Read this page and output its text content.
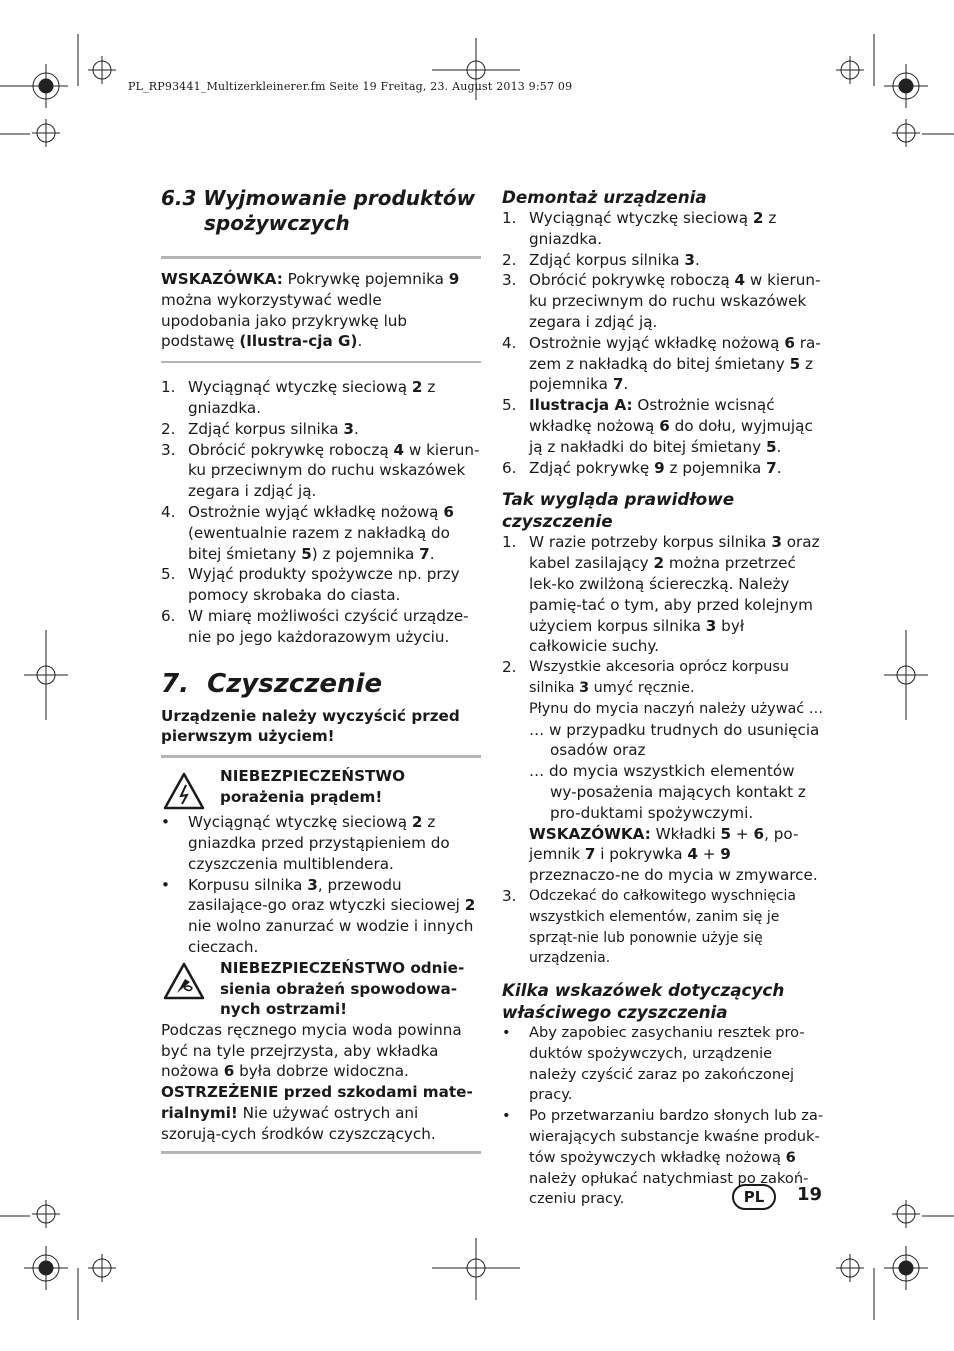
PL_RP93441_Multizerkleinerer.fm Seite 19 Freitag, 23. August 2013 9:57 09
6.3 Wyjmowanie produktów
spożywczych

WSKAZÓWKA: Pokrywkę pojemnika 9 można wykorzystywać wedle upodobania jako przykrywkę lub podstawę (Ilustra-cja G).

1. Wyciągnąć wtyczkę sieciową 2 z gniazdka.
2. Zdjąć korpus silnika 3.
3. Obrócić pokrywkę roboczą 4 w kierun-ku przeciwnym do ruchu wskazówek zegara i zdjąć ją.
4. Ostrożnie wyjąć wkładkę nożową 6 (ewentualnie razem z nakładką do bitej śmietany 5) z pojemnika 7.
5. Wyjąć produkty spożywcze np. przy pomocy skrobaka do ciasta.
6. W miarę możliwości czyścić urządze-nie po jego każdorazowym użyciu.
7. Czyszczenie

Urządzenie należy wyczyścić przed pierwszym użyciem!

NIEBEZPIECZEŃSTWO
porażenia prądem!
• Wyciągnąć wtyczkę sieciową 2 z gniazdka przed przystąpieniem do czyszczenia multiblendera.
• Korpusu silnika 3, przewodu zasilające-go oraz wtyczki sieciowej 2 nie wolno zanurzać w wodzie i innych cieczach.
NIEBEZPIECZEŃSTWO odnie-sienia obrażeń spowodowa-nych ostrzami!

Podczas ręcznego mycia woda powinna być na tyle przejrzysta, aby wkładka nożowa 6 była dobrze widoczna.

OSTRZEŻENIE przed szkodami mate-rialnymi! Nie używać ostrych ani szorują-cych środków czyszczących.

Demontaż urządzenia
1. Wyciągnąć wtyczkę sieciową 2 z gniazdka.
2. Zdjąć korpus silnika 3.
3. Obrócić pokrywkę roboczą 4 w kierun-ku przeciwnym do ruchu wskazówek zegara i zdjąć ją.
4. Ostrożnie wyjąć wkładkę nożową 6 ra-zem z nakładką do bitej śmietany 5 z pojemnika 7.
5. Ilustracja A: Ostrożnie wcisnąć wkładkę nożową 6 do dołu, wyjmując ją z nakładki do bitej śmietany 5.
6. Zdjąć pokrywkę 9 z pojemnika 7.
Tak wygląda prawidłowe
czyszczenie
1. W razie potrzeby korpus silnika 3 oraz kabel zasilający 2 można przetrzeć lek-ko zwilżoną ściereczką. Należy pamię-tać o tym, aby przed kolejnym użyciem korpus silnika 3 był całkowicie suchy.
2. Wszystkie akcesoria oprócz korpusu silnika 3 umyć ręcznie.

Płynu do mycia naczyń należy używać …

… w przypadku trudnych do usunięcia osadów oraz

… do mycia wszystkich elementów wy-posażenia mających kontakt z pro-duktami spożywczymi.

WSKAZÓWKA: Wkładki 5 + 6, po-jemnik 7 i pokrywka 4 + 9 przeznaczo-ne do mycia w zmywarce.

3. Odczekać do całkowitego wyschnięcia wszystkich elementów, zanim się je sprząt-nie lub ponownie użyje się urządzenia.
Kilka wskazówek dotyczących
właściwego czyszczenia
• Aby zapobiec zasychaniu resztek pro-duktów spożywczych, urządzenie należy czyścić zaraz po zakończonej pracy.
• Po przetwarzaniu bardzo słonych lub za-wierających substancje kwaśne produk-tów spożywczych wkładkę nożową 6 należy opłukać natychmiast po zakoń-czeniu pracy.	PL	19
